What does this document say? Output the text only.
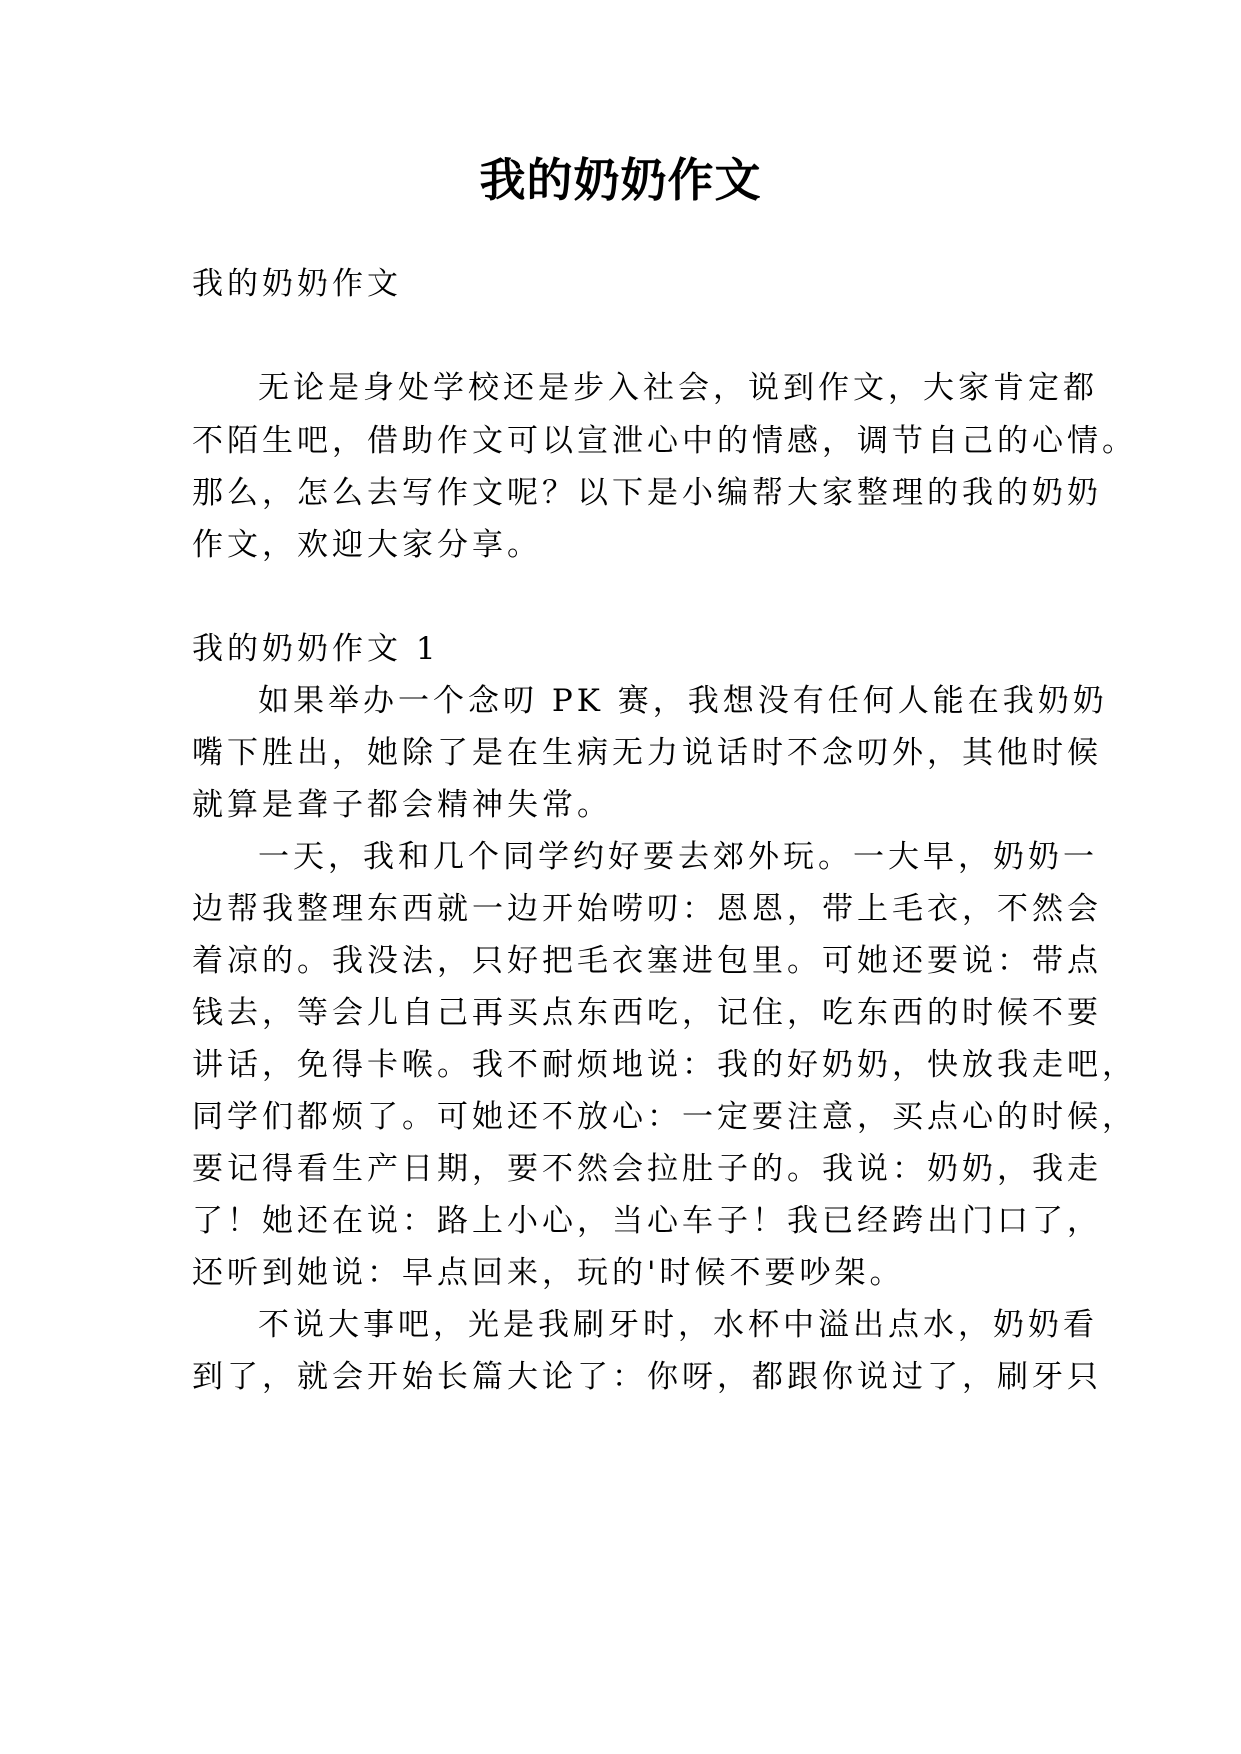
我的奶奶作文
我的奶奶作文
无论是身处学校还是步入社会，说到作文，大家肯定都
不陌生吧，借助作文可以宣泄心中的情感，调节自己的心情。
那么，怎么去写作文呢？以下是小编帮大家整理的我的奶奶
作文，欢迎大家分享。
我的奶奶作文 1
如果举办一个念叨 PK 赛，我想没有任何人能在我奶奶
嘴下胜出，她除了是在生病无力说话时不念叨外，其他时候
就算是聋子都会精神失常。
一天，我和几个同学约好要去郊外玩。一大早，奶奶一
边帮我整理东西就一边开始唠叨：恩恩，带上毛衣，不然会
着凉的。我没法，只好把毛衣塞进包里。可她还要说：带点
钱去，等会儿自己再买点东西吃，记住，吃东西的时候不要
讲话，免得卡喉。我不耐烦地说：我的好奶奶，快放我走吧，
同学们都烦了。可她还不放心：一定要注意，买点心的时候，
要记得看生产日期，要不然会拉肚子的。我说：奶奶，我走
了！她还在说：路上小心，当心车子！我已经跨出门口了，
还听到她说：早点回来，玩的'时候不要吵架。
不说大事吧，光是我刷牙时，水杯中溢出点水，奶奶看
到了，就会开始长篇大论了：你呀，都跟你说过了，刷牙只
